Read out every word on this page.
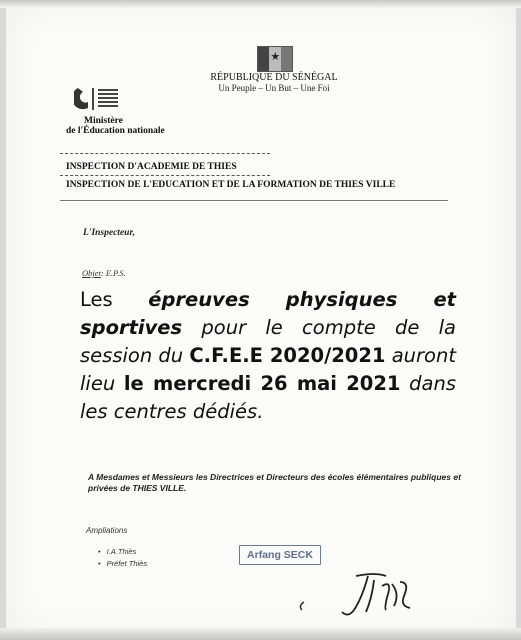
★
RÉPUBLIQUE DU SÉNÉGAL
Un Peuple – Un But – Une Foi
Ministère
de l'Éducation nationale
INSPECTION D'ACADEMIE DE THIES
INSPECTION DE L'EDUCATION ET DE LA FORMATION DE THIES VILLE
L'Inspecteur,
Objet: E.P.S.
Les épreuves physiques et sportives pour le compte de la session du C.F.E.E 2020/2021 auront lieu le mercredi 26 mai 2021 dans les centres dédiés.
A Mesdames et Messieurs les Directrices et Directeurs des écoles élémentaires publiques et privées de THIES VILLE.
Ampliations
• I.A.Thiès
• Préfet Thiès
Arfang SECK
